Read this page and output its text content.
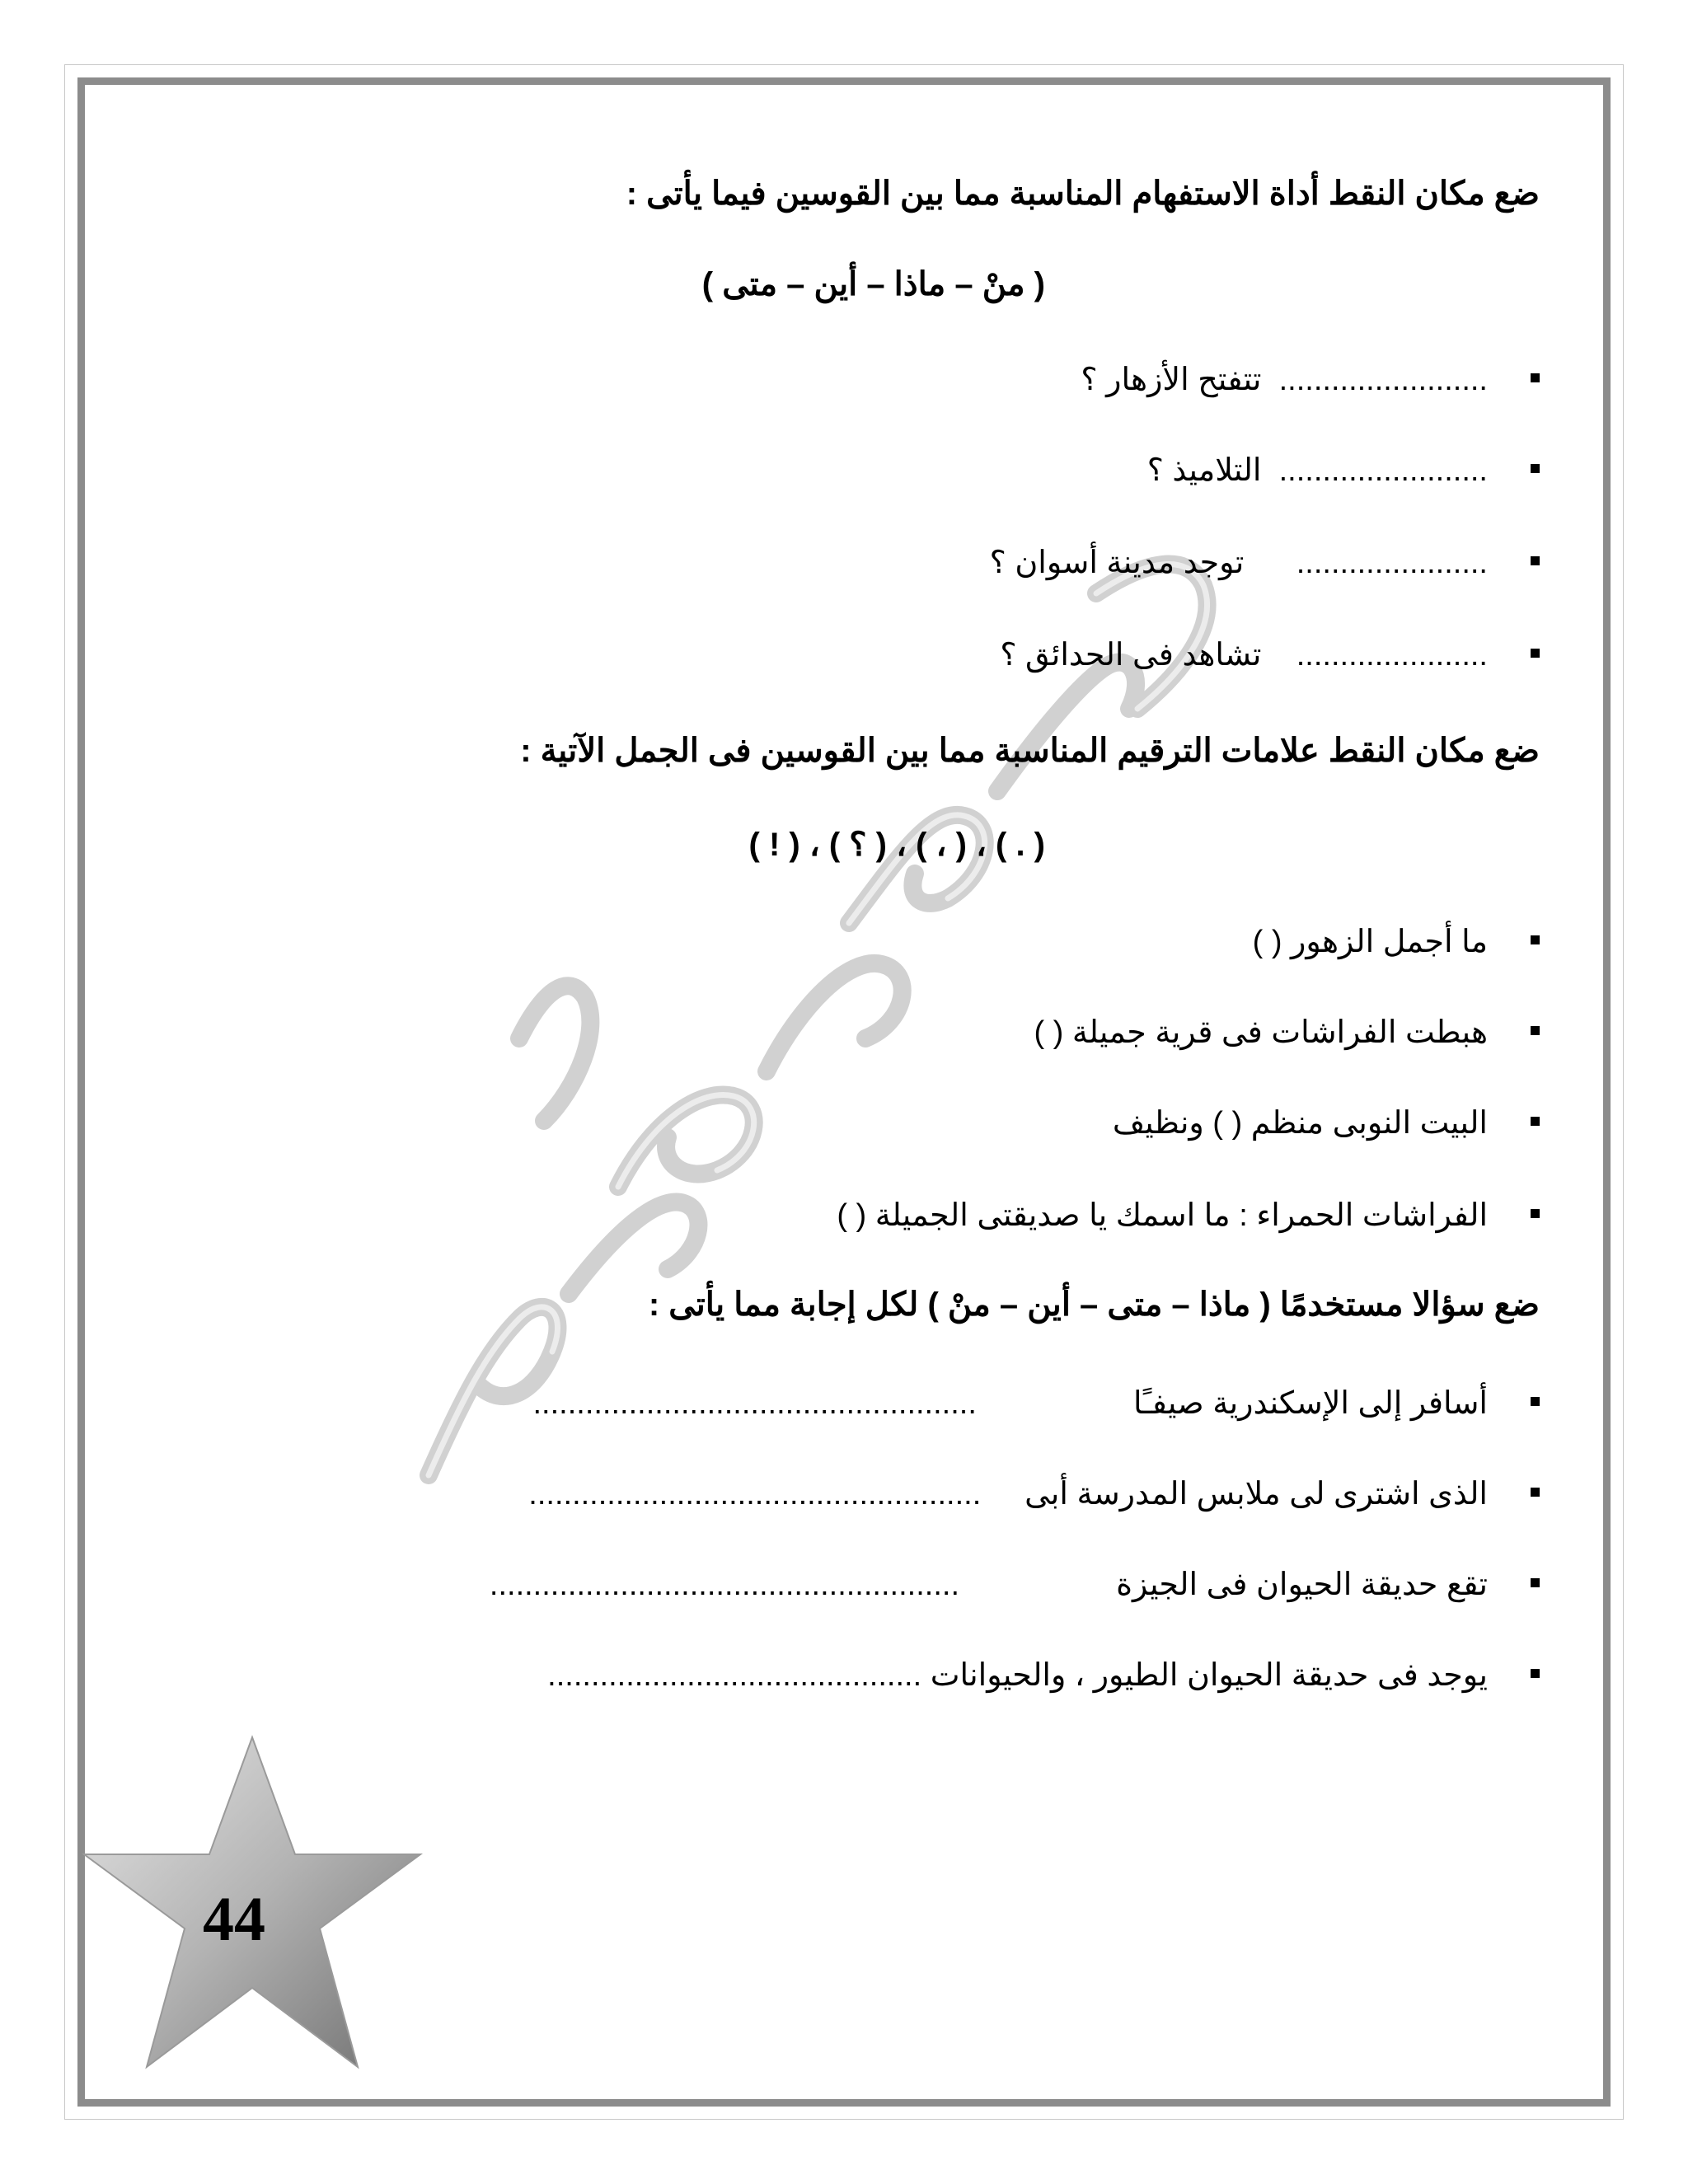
ضع مكان النقط أداة الاستفهام المناسبة مما بين القوسين فيما يأتى :
( منْ – ماذا – أين – متى )
........................  تتفتح الأزهار ؟
........................  التلاميذ ؟
......................      توجد مدينة أسوان ؟
......................    تشاهد فى الحدائق ؟
ضع مكان النقط علامات الترقيم المناسبة مما بين القوسين فى الجمل الآتية :
( . ) ، ( ، ) ، ( ؟ ) ، ( ! )
ما أجمل الزهور ( )
هبطت الفراشات فى قرية جميلة ( )
البيت النوبى منظم ( ) ونظيف
الفراشات الحمراء : ما اسمك يا صديقتى الجميلة ( )
ضع سؤالا مستخدمًا ( ماذا – متى – أين – منْ ) لكل إجابة مما يأتى :
أسافر إلى الإسكندرية صيفـًا                  ...................................................
الذى اشترى لى ملابس المدرسة أبى     ....................................................
تقع حديقة الحيوان فى الجيزة                  ......................................................
يوجد فى حديقة الحيوان الطيور ، والحيوانات ...........................................
44
